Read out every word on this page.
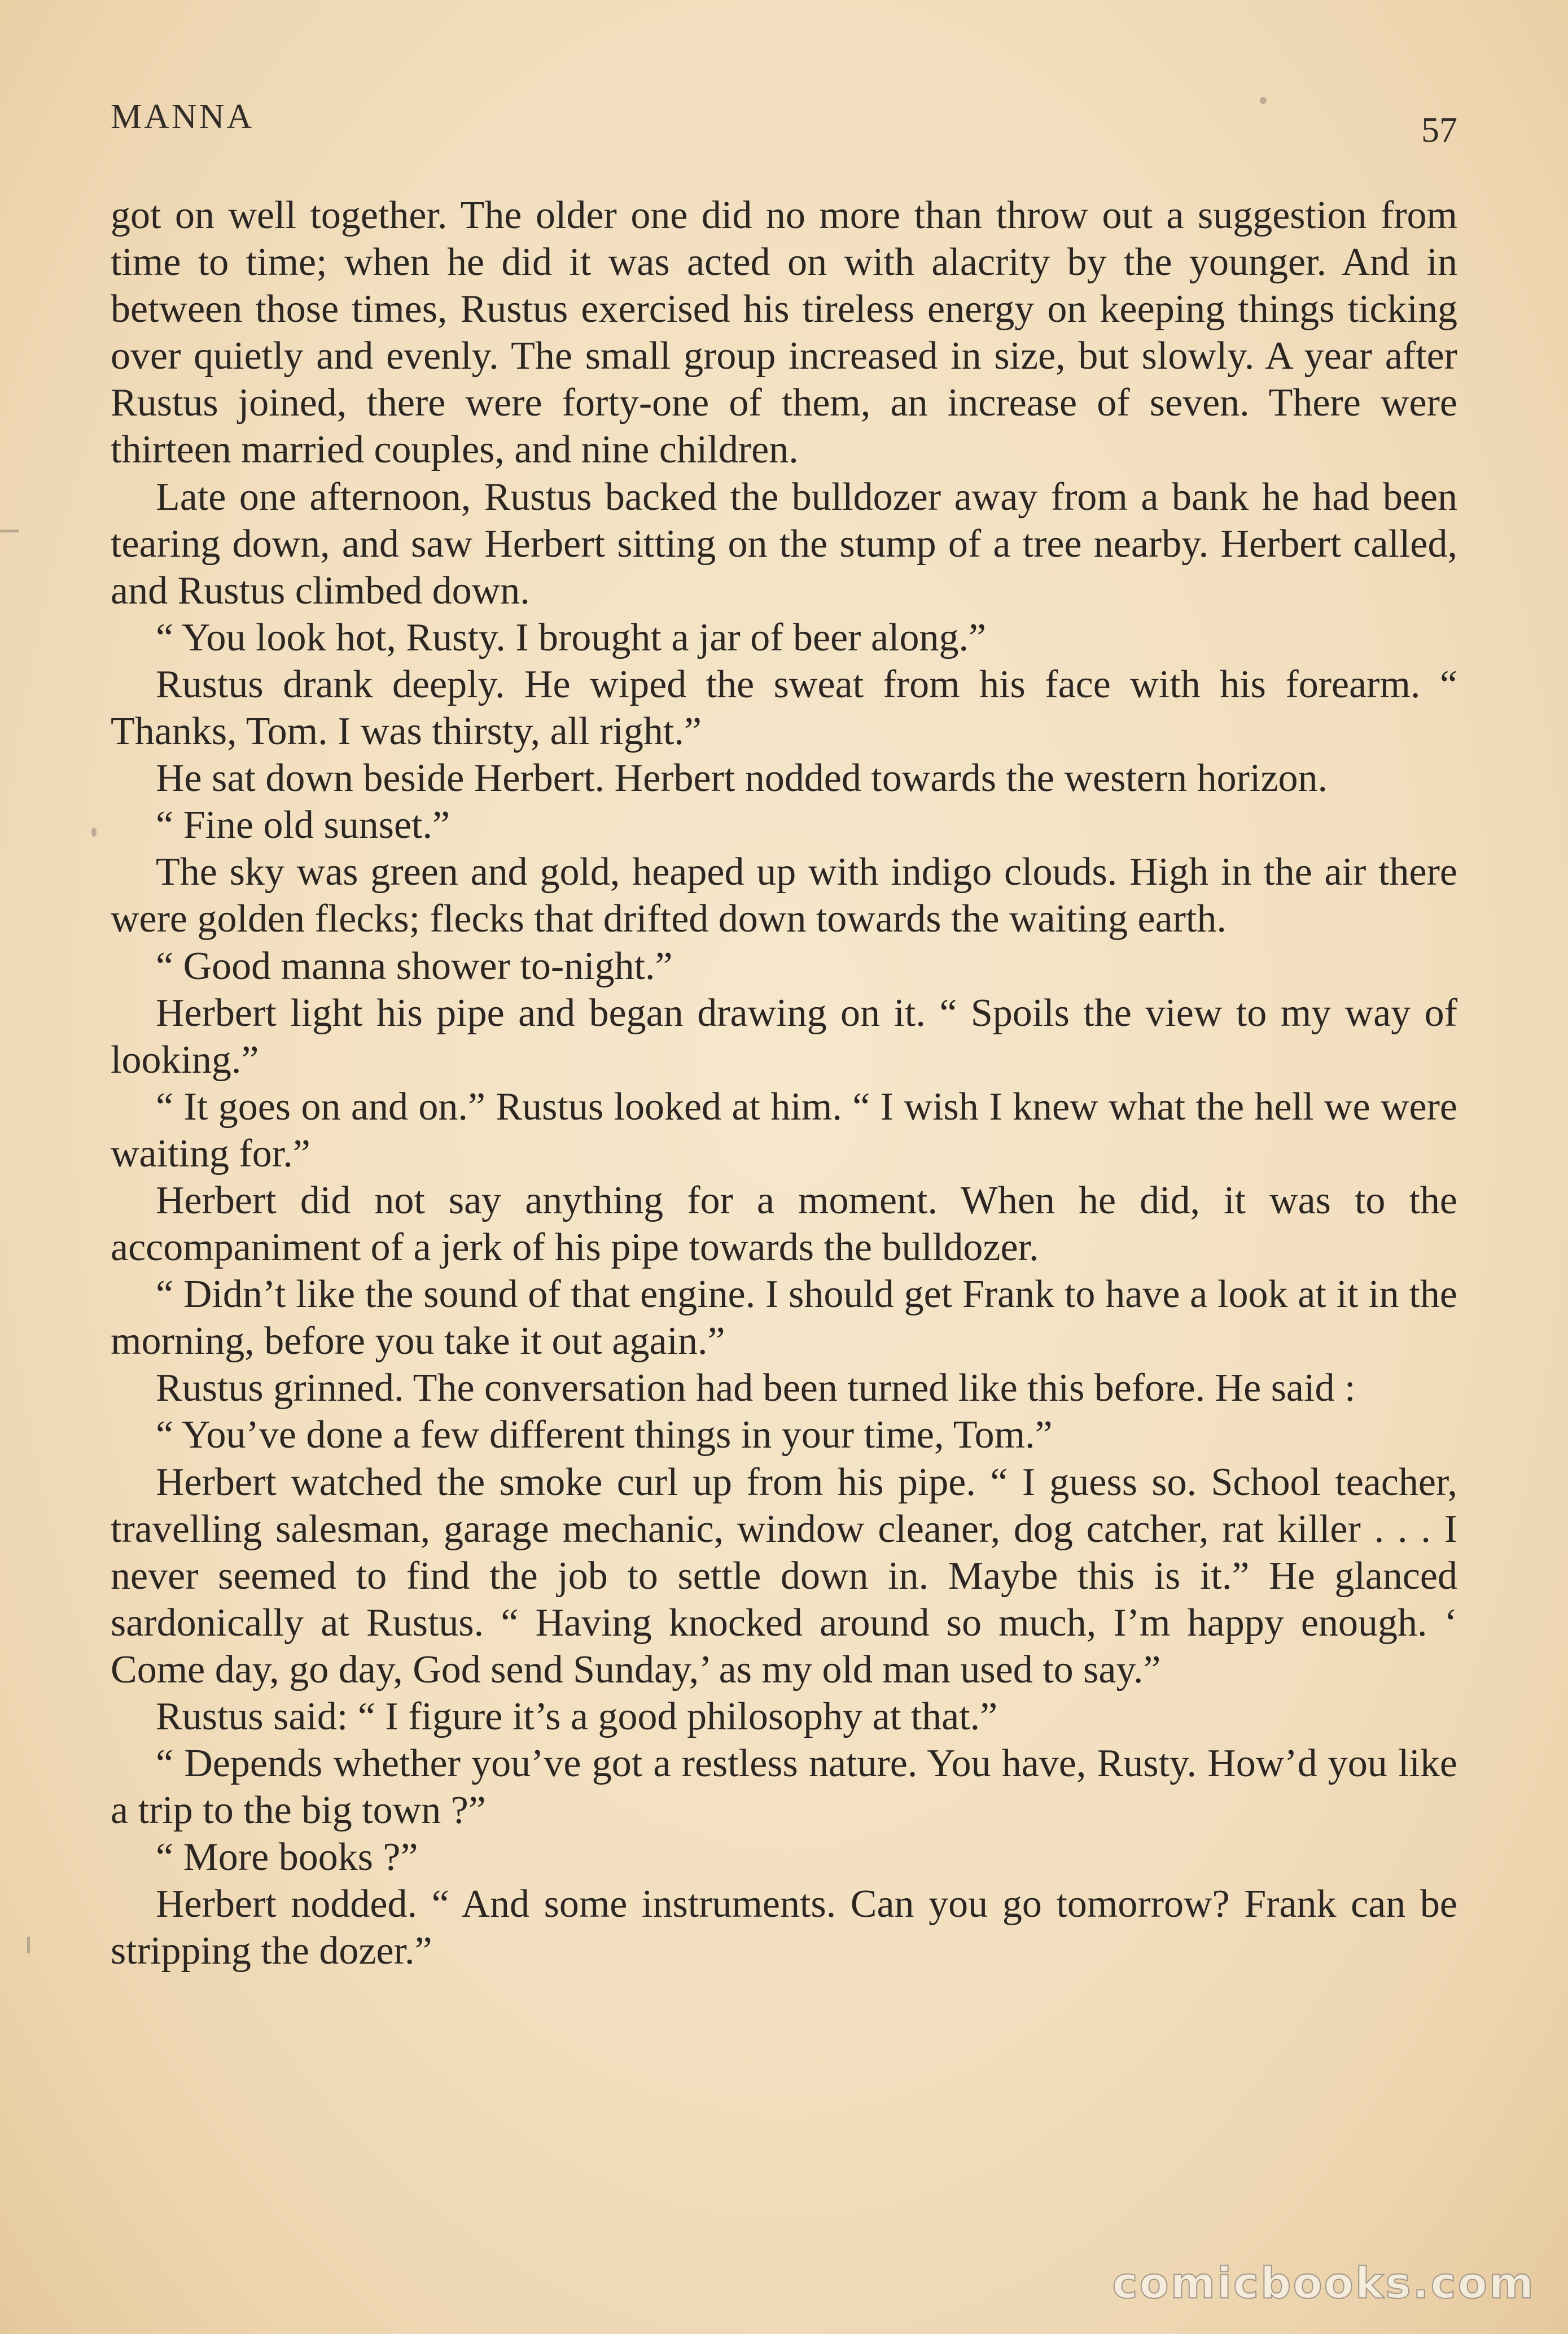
MANNA	57

got on well together. The older one did no more than throw out a suggestion from time to time; when he did it was acted on with alacrity by the younger. And in between those times, Rustus exercised his tireless energy on keeping things ticking over quietly and evenly. The small group increased in size, but slowly. A year after Rustus joined, there were forty-one of them, an increase of seven. There were thirteen married couples, and nine children.

Late one afternoon, Rustus backed the bulldozer away from a bank he had been tearing down, and saw Herbert sitting on the stump of a tree nearby. Herbert called, and Rustus climbed down.

“ You look hot, Rusty. I brought a jar of beer along.”

Rustus drank deeply. He wiped the sweat from his face with his forearm. “ Thanks, Tom. I was thirsty, all right.”

He sat down beside Herbert. Herbert nodded towards the western horizon.

“ Fine old sunset.”

The sky was green and gold, heaped up with indigo clouds. High in the air there were golden flecks; flecks that drifted down towards the waiting earth.

“ Good manna shower to-night.”

Herbert light his pipe and began drawing on it. “ Spoils the view to my way of looking.”

“ It goes on and on.” Rustus looked at him. “ I wish I knew what the hell we were waiting for.”

Herbert did not say anything for a moment. When he did, it was to the accompaniment of a jerk of his pipe towards the bulldozer.

“ Didn’t like the sound of that engine. I should get Frank to have a look at it in the morning, before you take it out again.”

Rustus grinned. The conversation had been turned like this before. He said :

“ You’ve done a few different things in your time, Tom.”

Herbert watched the smoke curl up from his pipe. “ I guess so. School teacher, travelling salesman, garage mechanic, window cleaner, dog catcher, rat killer . . . I never seemed to find the job to settle down in. Maybe this is it.” He glanced sardonically at Rustus. “ Having knocked around so much, I’m happy enough. ‘ Come day, go day, God send Sunday,’ as my old man used to say.”

Rustus said: “ I figure it’s a good philosophy at that.”

“ Depends whether you’ve got a restless nature. You have, Rusty. How’d you like a trip to the big town ?”

“ More books ?”

Herbert nodded. “ And some instruments. Can you go tomorrow? Frank can be stripping the dozer.”

comicbooks.com
